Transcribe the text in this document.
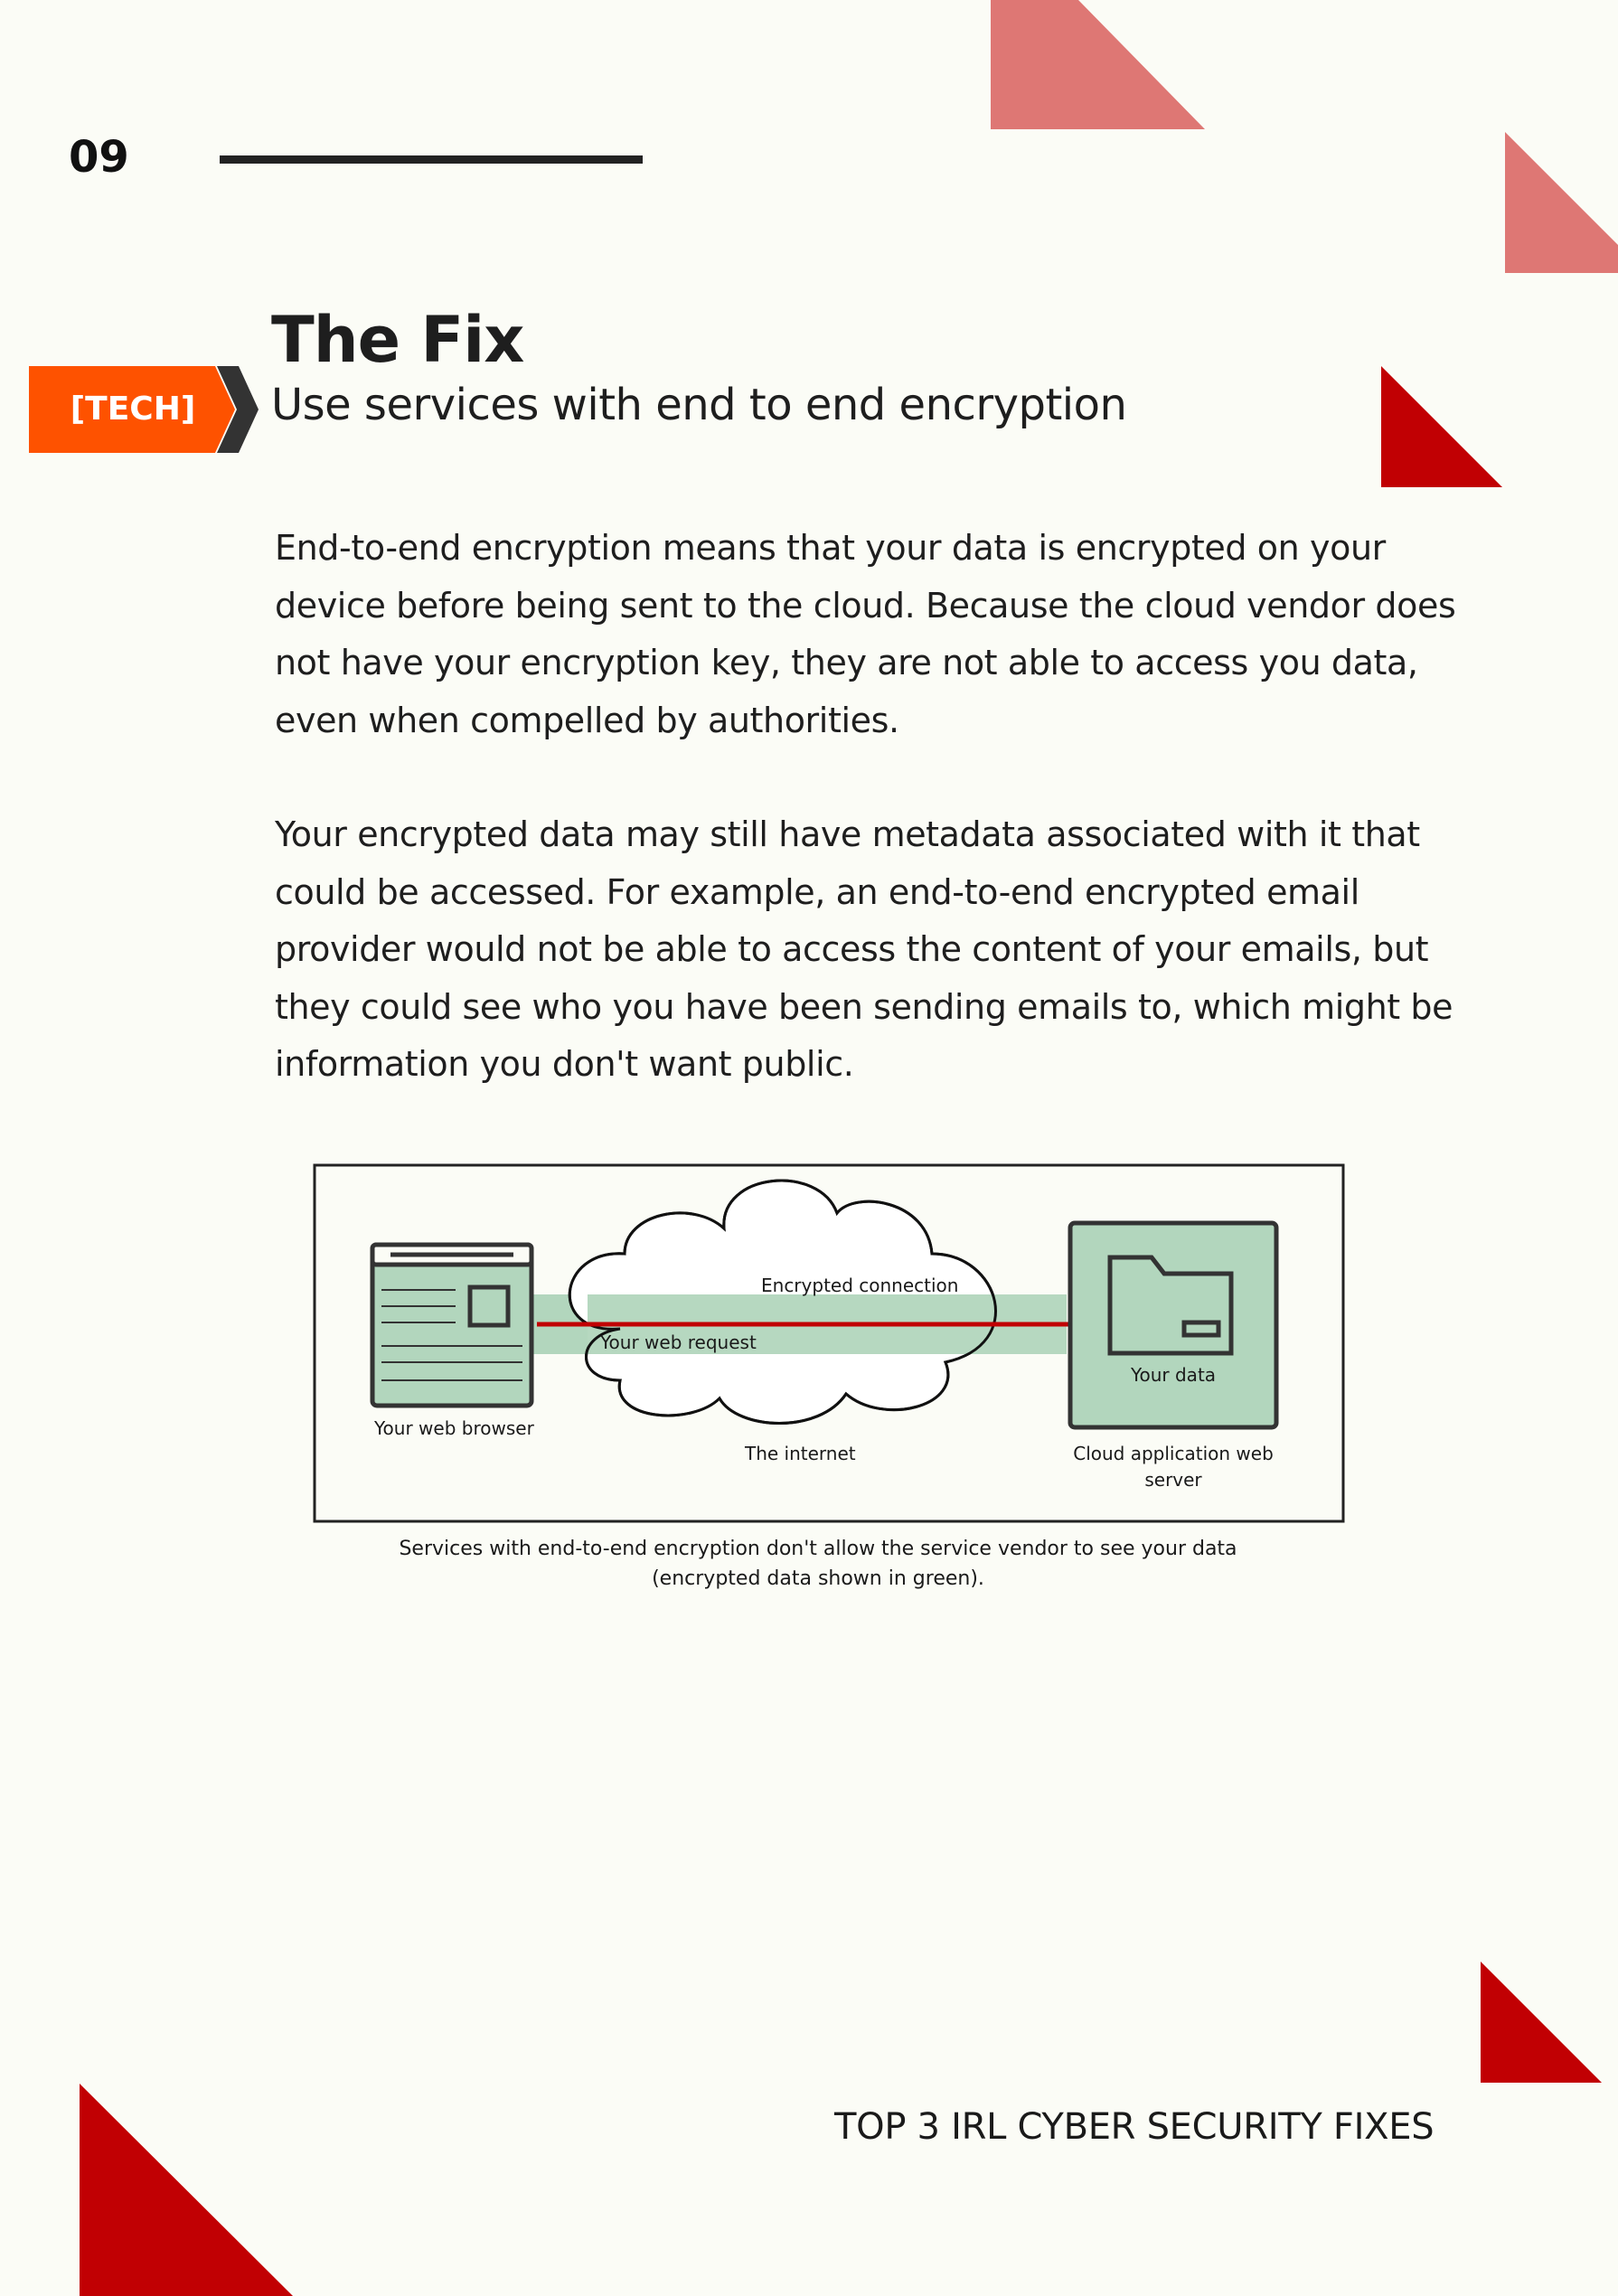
09
The Fix
[TECH]	Use services with end to end encryption

End-to-end encryption means that your data is encrypted on your device before being sent to the cloud. Because the cloud vendor does not have your encryption key, they are not able to access you data, even when compelled by authorities.

Your encrypted data may still have metadata associated with it that could be accessed. For example, an end-to-end encrypted email provider would not be able to access the content of your emails, but they could see who you have been sending emails to, which might be information you don't want public.

Encrypted connection
Your web request
Your web browser
The internet
Your data
Cloud application web
server
Services with end-to-end encryption don't allow the service vendor to see your data (encrypted data shown in green).
TOP 3 IRL CYBER SECURITY FIXES
